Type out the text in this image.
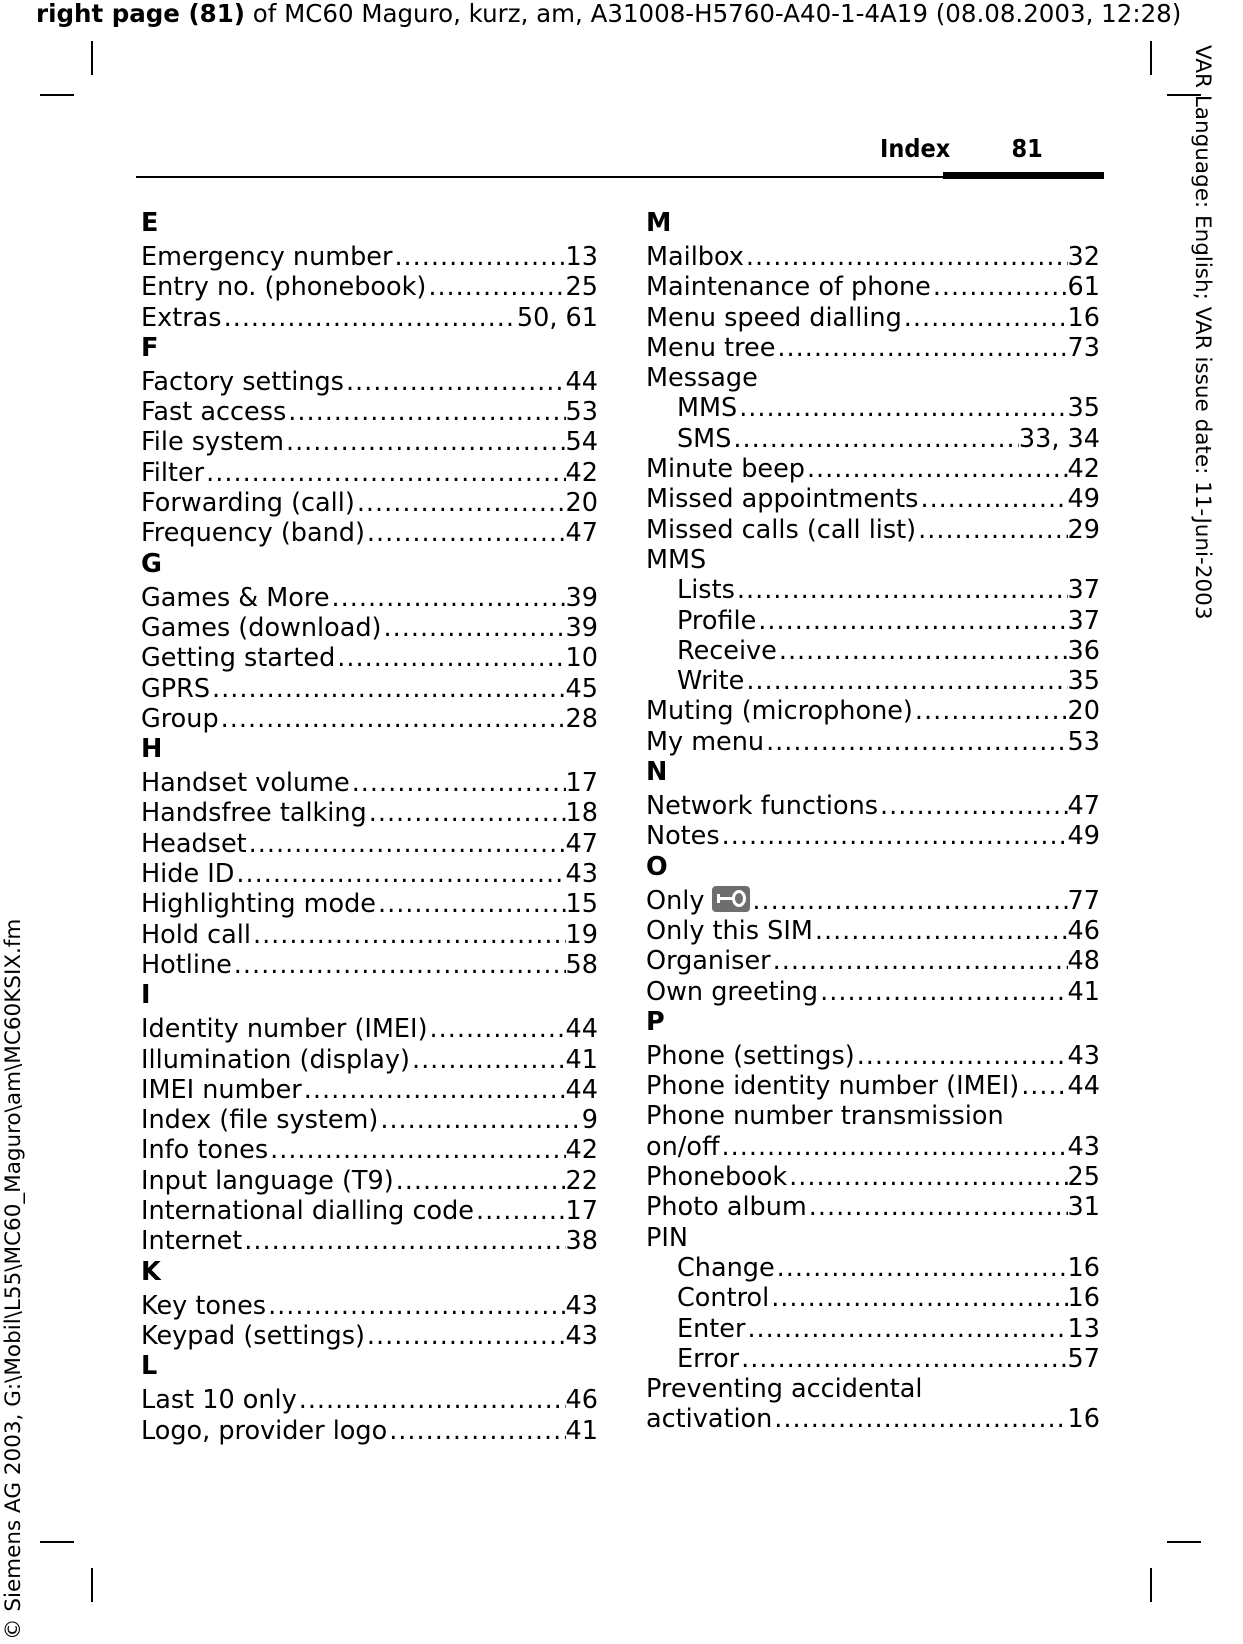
right page (81) of MC60 Maguro, kurz, am, A31008-H5760-A40-1-4A19 (08.08.2003, 12:28)
VAR Language: English; VAR issue date: 11-Juni-2003
© Siemens AG 2003, G:\Mobil\L55\MC60_Maguro\am\MC60KSIX.fm
Index 81
E
Emergency number .....	13
Entry no. (phonebook) .....	25
Extras .....	50, 61
F
Factory settings .....	44
Fast access .....	53
File system .....	54
Filter .....	42
Forwarding (call) .....	20
Frequency (band) .....	47
G
Games & More .....	39
Games (download) .....	39
Getting started .....	10
GPRS .....	45
Group .....	28
H
Handset volume .....	17
Handsfree talking .....	18
Headset .....	47
Hide ID .....	43
Highlighting mode .....	15
Hold call .....	19
Hotline .....	58
I
Identity number (IMEI) .....	44
Illumination (display) .....	41
IMEI number .....	44
Index (file system) .....	9
Info tones .....	42
Input language (T9) .....	22
International dialling code .....	17
Internet .....	38
K
Key tones .....	43
Keypad (settings) .....	43
L
Last 10 only .....	46
Logo, provider logo .....	41
M
Mailbox .....	32
Maintenance of phone .....	61
Menu speed dialling .....	16
Menu tree .....	73
Message
MMS .....	35
SMS .....	33, 34
Minute beep .....	42
Missed appointments .....	49
Missed calls (call list) .....	29
MMS
Lists .....	37
Profile .....	37
Receive .....	36
Write .....	35
Muting (microphone) .....	20
My menu .....	53
N
Network functions .....	47
Notes .....	49
O
Only .....	77
Only this SIM .....	46
Organiser .....	48
Own greeting .....	41
P
Phone (settings) .....	43
Phone identity number (IMEI) ..... 44
Phone number transmission
on/off .....	43
Phonebook .....	25
Photo album .....	31
PIN
Change .....	16
Control .....	16
Enter .....	13
Error .....	57
Preventing accidental
activation .....	16
